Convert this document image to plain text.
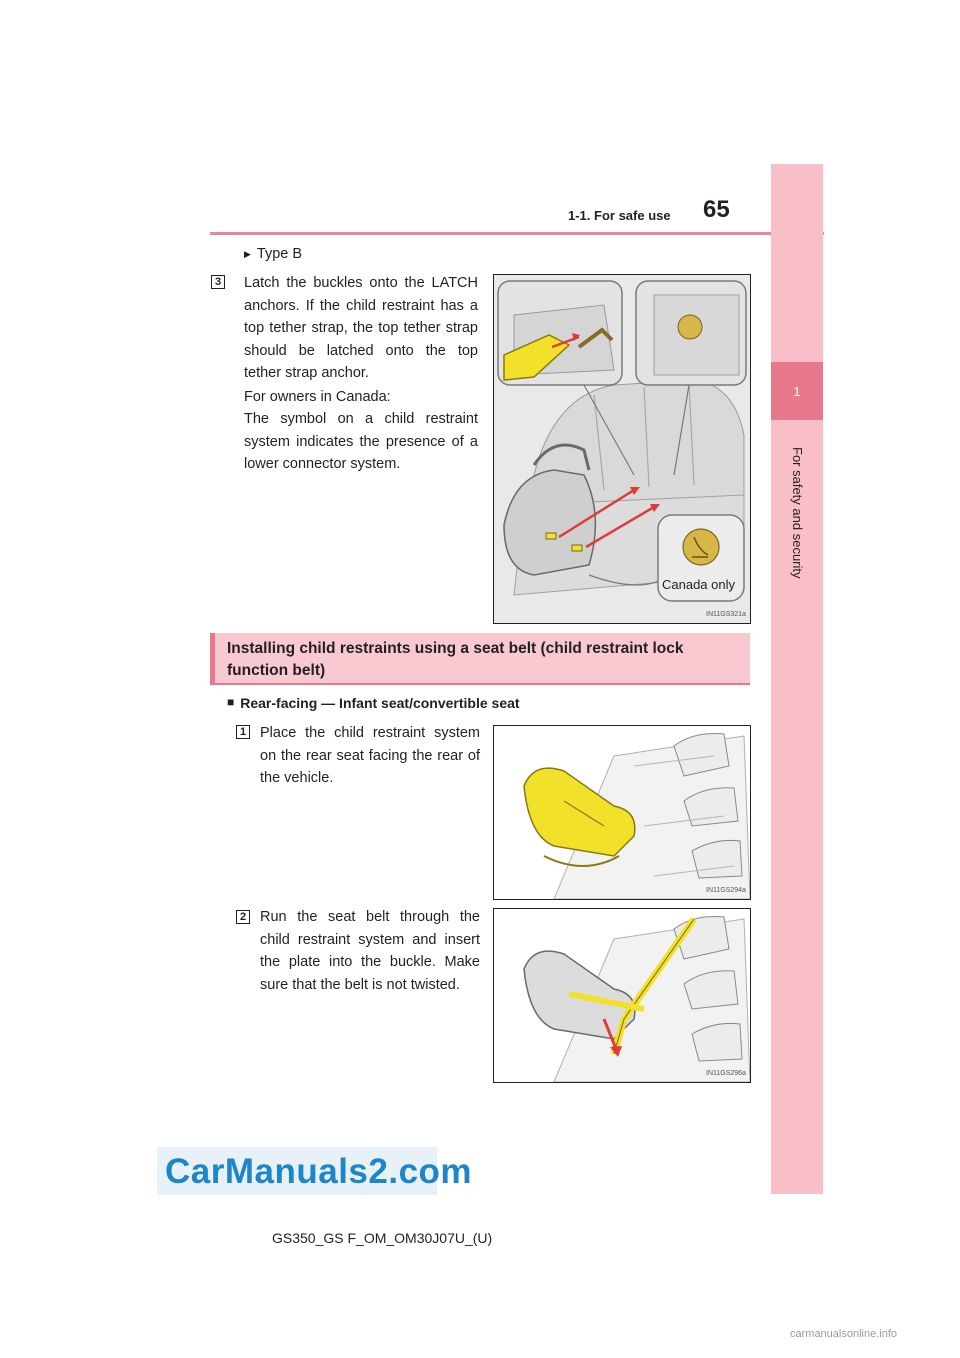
65
1-1. For safe use
1
For safety and security
▶ Type B
3 Latch the buckles onto the LATCH anchors. If the child restraint has a top tether strap, the top tether strap should be latched onto the top tether strap anchor.
For owners in Canada:
The symbol on a child restraint system indicates the presence of a lower connector system.
Canada only
IN11GS321a
Installing child restraints using a seat belt (child restraint lock function belt)
■ Rear-facing — Infant seat/convertible seat
1 Place the child restraint system on the rear seat facing the rear of the vehicle.
IN11GS294a
2 Run the seat belt through the child restraint system and insert the plate into the buckle. Make sure that the belt is not twisted.
IN11GS296a
CarManuals2.com
GS350_GS F_OM_OM30J07U_(U)
carmanualsonline.info
